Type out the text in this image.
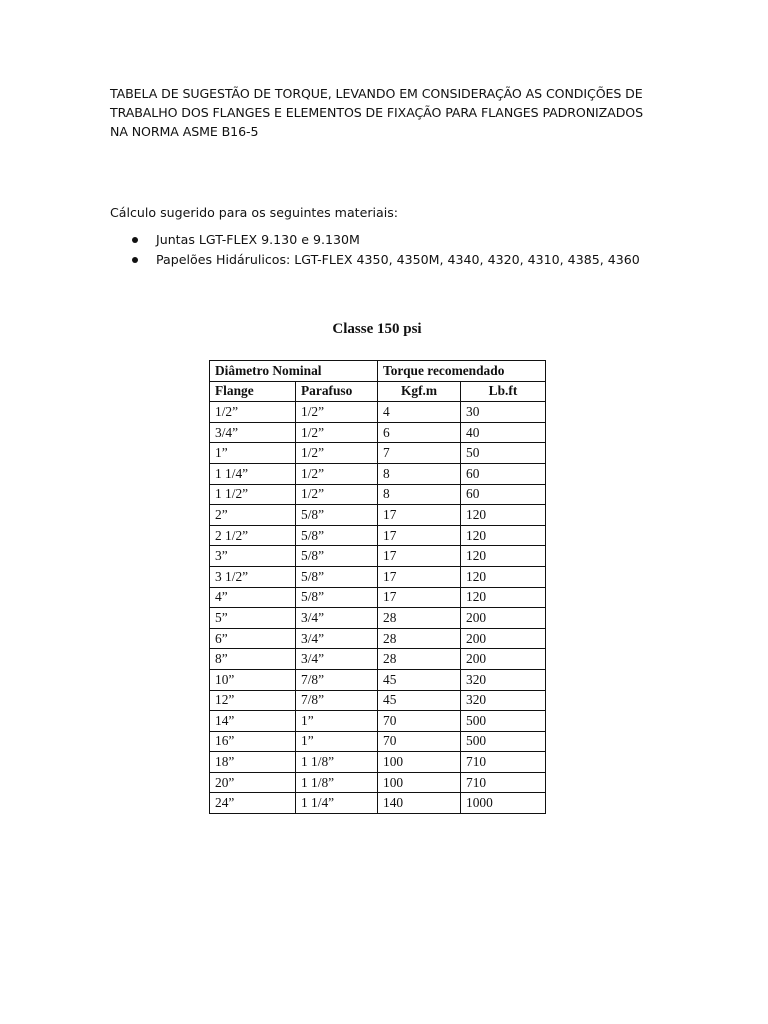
TABELA DE SUGESTÃO DE TORQUE, LEVANDO EM CONSIDERAÇÃO AS CONDIÇÕES DE TRABALHO DOS FLANGES E ELEMENTOS DE FIXAÇÃO PARA FLANGES PADRONIZADOS NA NORMA ASME B16-5
Cálculo sugerido para os seguintes materiais:
Juntas LGT-FLEX 9.130 e 9.130M
Papelões Hidárulicos: LGT-FLEX 4350, 4350M, 4340, 4320, 4310, 4385, 4360
Classe 150 psi
Diâmetro Nominal		Torque recomendado	
Flange	Parafuso	Kgf.m	Lb.ft
1/2”	1/2”	4	30
3/4”	1/2”	6	40
1”	1/2”	7	50
1 1/4”	1/2”	8	60
1 1/2”	1/2”	8	60
2”	5/8”	17	120
2 1/2”	5/8”	17	120
3”	5/8”	17	120
3 1/2”	5/8”	17	120
4”	5/8”	17	120
5”	3/4”	28	200
6”	3/4”	28	200
8”	3/4”	28	200
10”	7/8”	45	320
12”	7/8”	45	320
14”	1”	70	500
16”	1”	70	500
18”	1 1/8”	100	710
20”	1 1/8”	100	710
24”	1 1/4”	140	1000
